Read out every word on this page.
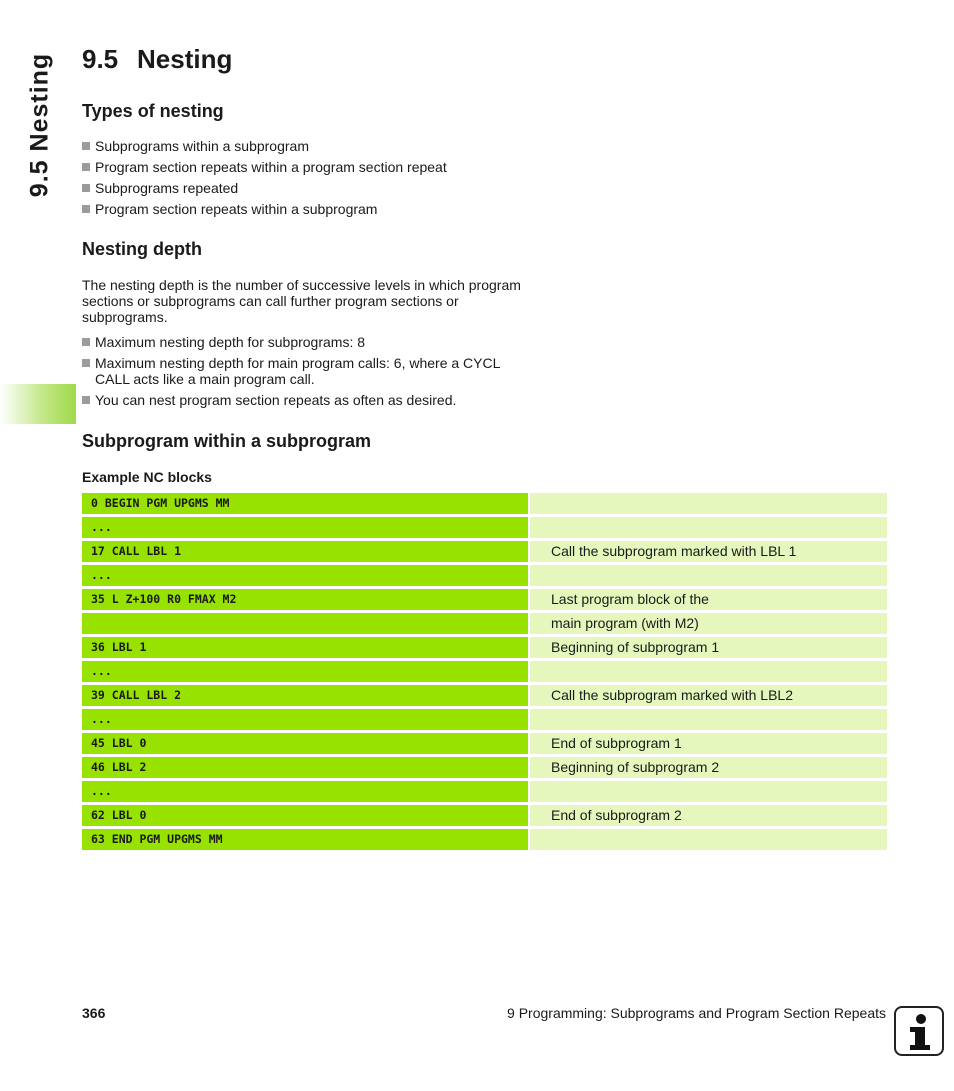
9.5 Nesting 9.5 Nesting
Types of nesting
Subprograms within a subprogram
Program section repeats within a program section repeat
Subprograms repeated
Program section repeats within a subprogram
Nesting depth

The nesting depth is the number of successive levels in which program sections or subprograms can call further program sections or subprograms.

Maximum nesting depth for subprograms: 8
Maximum nesting depth for main program calls: 6, where a CYCL CALL acts like a main program call.
You can nest program section repeats as often as desired.
Subprogram within a subprogram
Example NC blocks
0 BEGIN PGM UPGMS MM
...
17 CALL LBL 1	Call the subprogram marked with LBL 1
...
35 L Z+100 R0 FMAX M2	Last program block of the
main program (with M2)
36 LBL 1	Beginning of subprogram 1
...
39 CALL LBL 2	Call the subprogram marked with LBL2
...
45 LBL 0	End of subprogram 1
46 LBL 2	Beginning of subprogram 2
...
62 LBL 0	End of subprogram 2
63 END PGM UPGMS MM
366	9 Programming: Subprograms and Program Section Repeats
